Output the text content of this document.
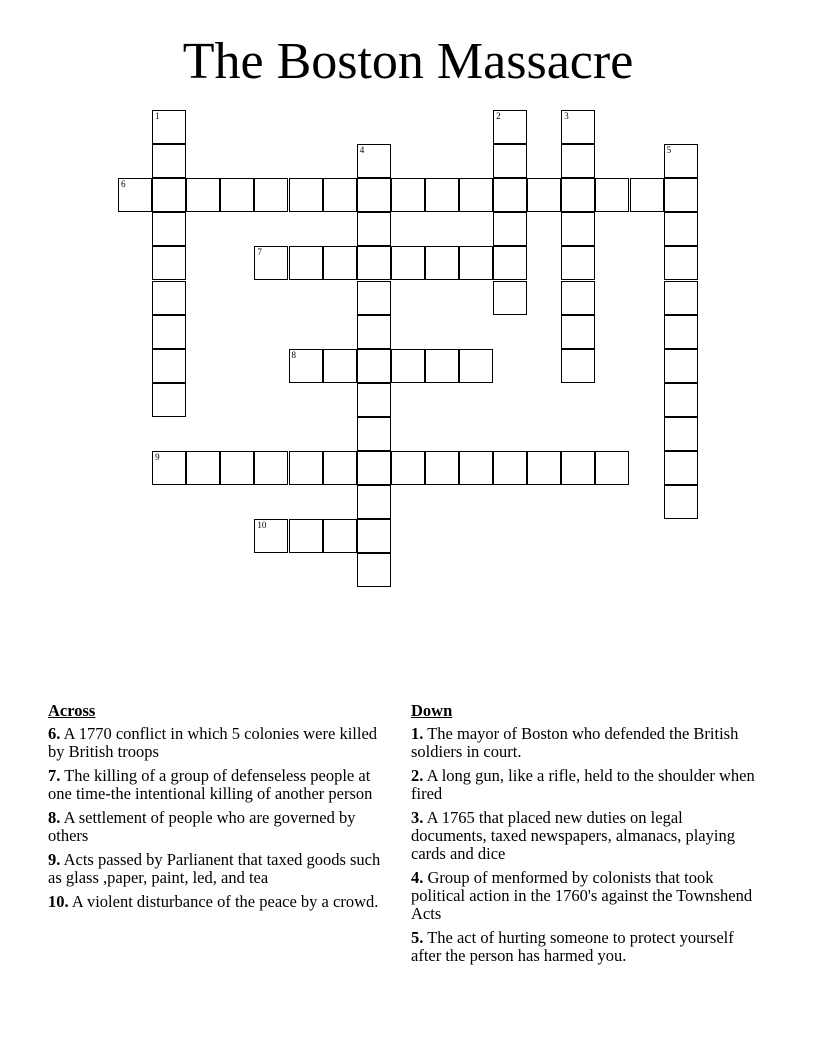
The Boston Massacre
1	2	3
4	5
6
7
8
9
10
Across
6. A 1770 conflict in which 5 colonies were killed by British troops
7. The killing of a group of defenseless people at one time-the intentional killing of another person
8. A settlement of people who are governed by others
9. Acts passed by Parlianent that taxed goods such as glass ,paper, paint, led, and tea
10. A violent disturbance of the peace by a crowd.
Down
1. The mayor of Boston who defended the British soldiers in court.
2. A long gun, like a rifle, held to the shoulder when fired
3. A 1765 that placed new duties on legal documents, taxed newspapers, almanacs, playing cards and dice
4. Group of menformed by colonists that took political action in the 1760's against the Townshend Acts
5. The act of hurting someone to protect yourself after the person has harmed you.
